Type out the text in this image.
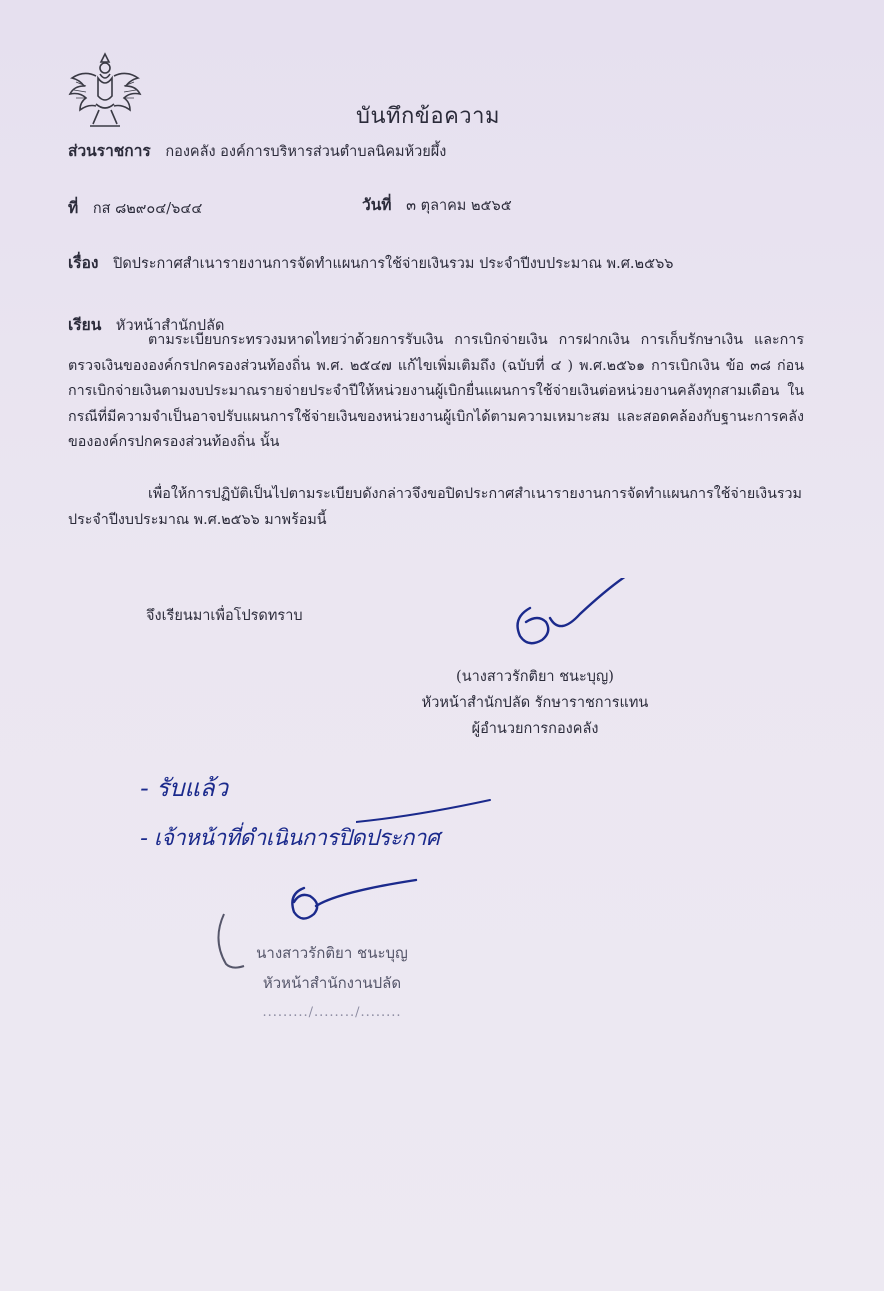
บันทึกข้อความ
ส่วนราชการ กองคลัง องค์การบริหารส่วนตำบลนิคมห้วยผึ้ง
ที่ กส ๘๒๙๐๔/๖๔๔	วันที่ ๓ ตุลาคม ๒๕๖๕
เรื่อง ปิดประกาศสำเนารายงานการจัดทำแผนการใช้จ่ายเงินรวม ประจำปีงบประมาณ พ.ศ.๒๕๖๖
เรียน หัวหน้าสำนักปลัด

ตามระเบียบกระทรวงมหาดไทยว่าด้วยการรับเงิน การเบิกจ่ายเงิน การฝากเงิน การเก็บรักษาเงิน และการตรวจเงินขององค์กรปกครองส่วนท้องถิ่น พ.ศ. ๒๕๔๗ แก้ไขเพิ่มเติมถึง (ฉบับที่ ๔ ) พ.ศ.๒๕๖๑ การเบิกเงิน ข้อ ๓๘ ก่อนการเบิกจ่ายเงินตามงบประมาณรายจ่ายประจำปีให้หน่วยงานผู้เบิกยื่นแผนการใช้จ่ายเงินต่อหน่วยงานคลังทุกสามเดือน ในกรณีที่มีความจำเป็นอาจปรับแผนการใช้จ่ายเงินของหน่วยงานผู้เบิกได้ตามความเหมาะสม และสอดคล้องกับฐานะการคลังขององค์กรปกครองส่วนท้องถิ่น นั้น

เพื่อให้การปฏิบัติเป็นไปตามระเบียบดังกล่าวจึงขอปิดประกาศสำเนารายงานการจัดทำแผนการใช้จ่ายเงินรวม ประจำปีงบประมาณ พ.ศ.๒๕๖๖ มาพร้อมนี้

จึงเรียนมาเพื่อโปรดทราบ
(นางสาวรักติยา ชนะบุญ)
หัวหน้าสำนักปลัด รักษาราชการแทน
ผู้อำนวยการกองคลัง
- รับแล้ว
- เจ้าหน้าที่ดำเนินการปิดประกาศ
นางสาวรักติยา ชนะบุญ
หัวหน้าสำนักงานปลัด
........./......../........
